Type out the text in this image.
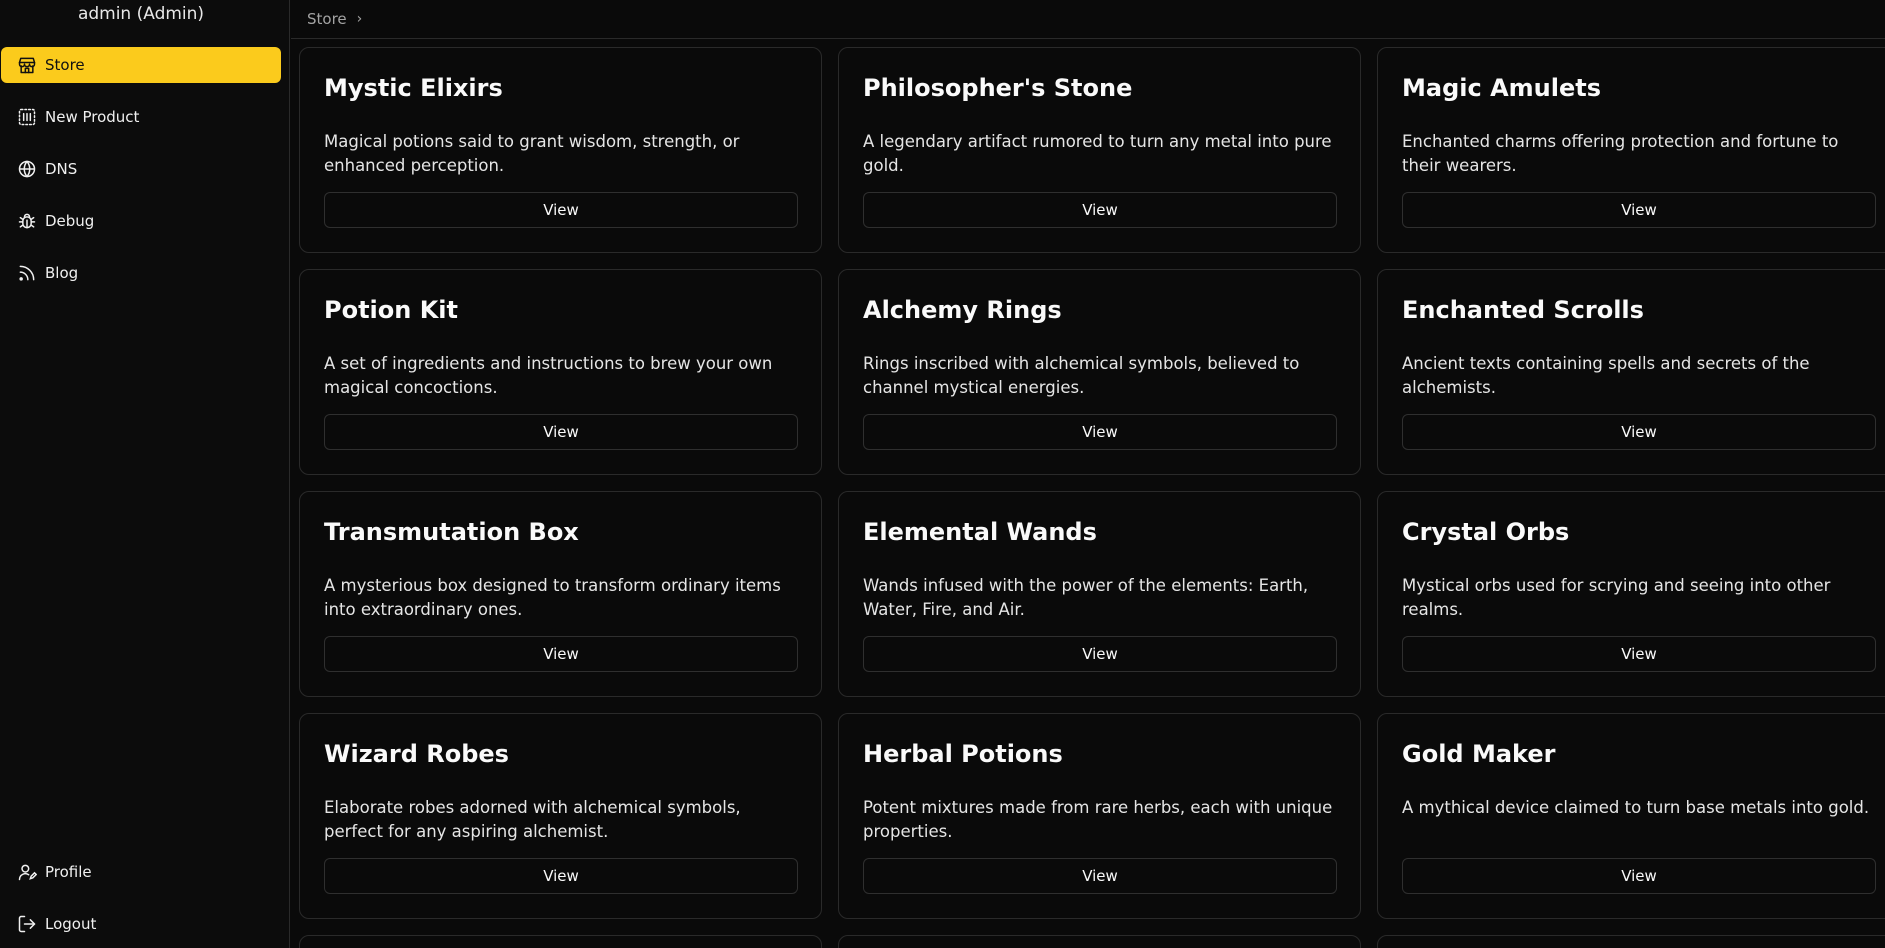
admin (Admin)
Store
New Product
DNS
Debug
Blog
Profile
Logout
Store ›
Mystic Elixirs
Magical potions said to grant wisdom, strength, or enhanced perception.
View
Philosopher's Stone
A legendary artifact rumored to turn any metal into pure gold.
View
Magic Amulets
Enchanted charms offering protection and fortune to their wearers.
View
Potion Kit
A set of ingredients and instructions to brew your own magical concoctions.
View
Alchemy Rings
Rings inscribed with alchemical symbols, believed to channel mystical energies.
View
Enchanted Scrolls
Ancient texts containing spells and secrets of the alchemists.
View
Transmutation Box
A mysterious box designed to transform ordinary items into extraordinary ones.
View
Elemental Wands
Wands infused with the power of the elements: Earth, Water, Fire, and Air.
View
Crystal Orbs
Mystical orbs used for scrying and seeing into other realms.
View
Wizard Robes
Elaborate robes adorned with alchemical symbols, perfect for any aspiring alchemist.
View
Herbal Potions
Potent mixtures made from rare herbs, each with unique properties.
View
Gold Maker
A mythical device claimed to turn base metals into gold.
View
